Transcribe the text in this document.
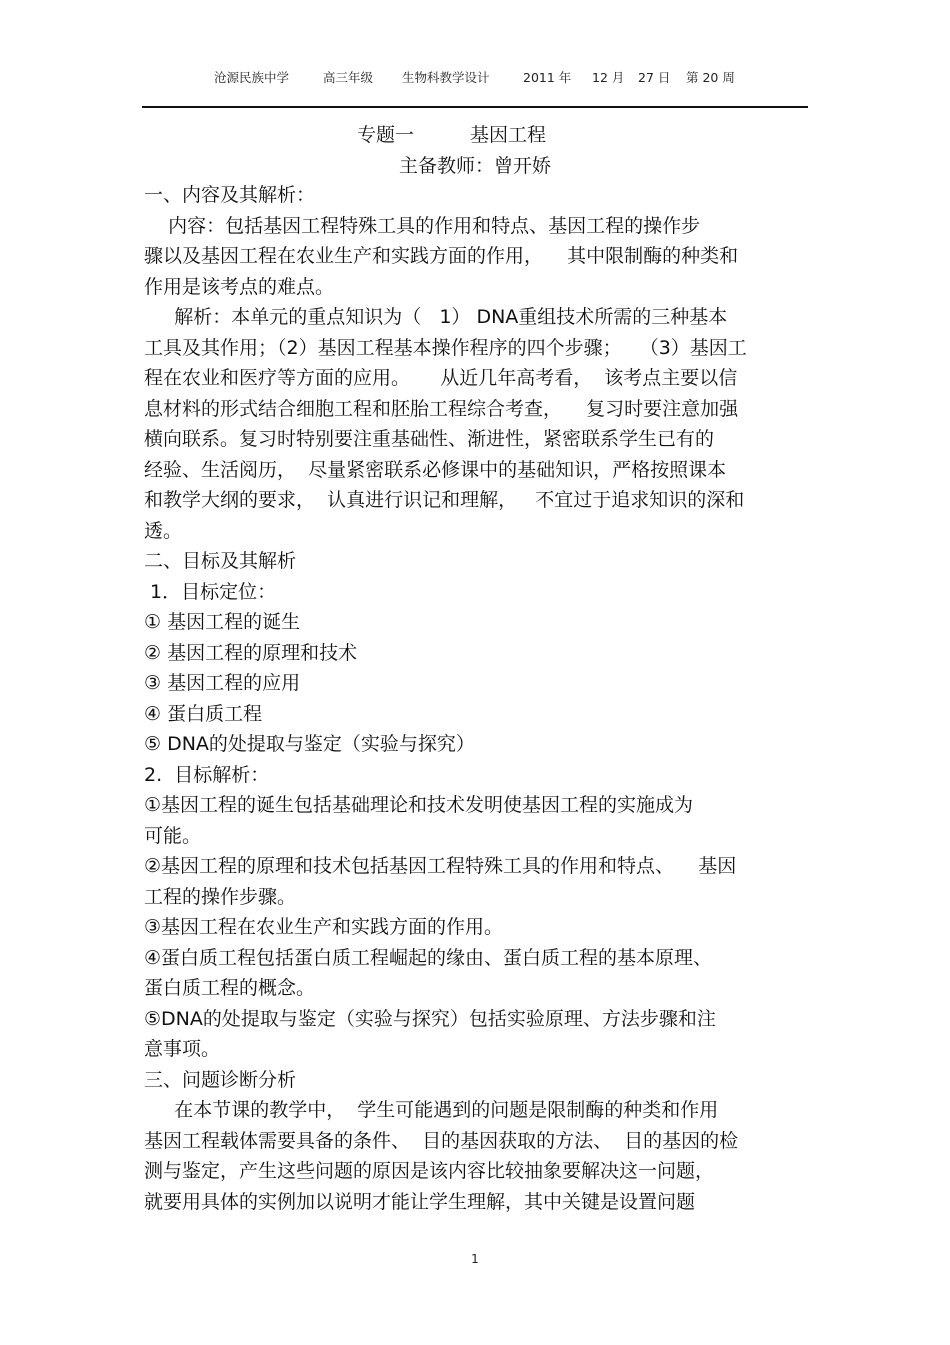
沧源民族中学	高三年级 生物科教学设计	2011 年 12 月 27 日 第 20 周
专题一	基因工程
主备教师：曾开娇
一、内容及其解析：
内容：包括基因工程特殊工具的作用和特点、基因工程的操作步
骤以及基因工程在农业生产和实践方面的作用，    其中限制酶的种类和
作用是该考点的难点。
解析：本单元的重点知识为（   1） DNA重组技术所需的三种基本
工具及其作用；（2）基因工程基本操作程序的四个步骤；   （3）基因工
程在农业和医疗等方面的应用。     从近几年高考看，  该考点主要以信
息材料的形式结合细胞工程和胚胎工程综合考查，    复习时要注意加强
横向联系。复习时特别要注重基础性、渐进性，紧密联系学生已有的
经验、生活阅历，  尽量紧密联系必修课中的基础知识，严格按照课本
和教学大纲的要求，  认真进行识记和理解，   不宜过于追求知识的深和
透。
二、目标及其解析
1．目标定位：
① 基因工程的诞生
② 基因工程的原理和技术
③ 基因工程的应用
④ 蛋白质工程
⑤ DNA的处提取与鉴定（实验与探究）
2.  目标解析：
①基因工程的诞生包括基础理论和技术发明使基因工程的实施成为
可能。
②基因工程的原理和技术包括基因工程特殊工具的作用和特点、    基因
工程的操作步骤。
③基因工程在农业生产和实践方面的作用。
④蛋白质工程包括蛋白质工程崛起的缘由、蛋白质工程的基本原理、
蛋白质工程的概念。
⑤DNA的处提取与鉴定（实验与探究）包括实验原理、方法步骤和注
意事项。
三、问题诊断分析
在本节课的教学中，  学生可能遇到的问题是限制酶的种类和作用
基因工程载体需要具备的条件、  目的基因获取的方法、  目的基因的检
测与鉴定，产生这些问题的原因是该内容比较抽象要解决这一问题，
就要用具体的实例加以说明才能让学生理解，其中关键是设置问题
1
